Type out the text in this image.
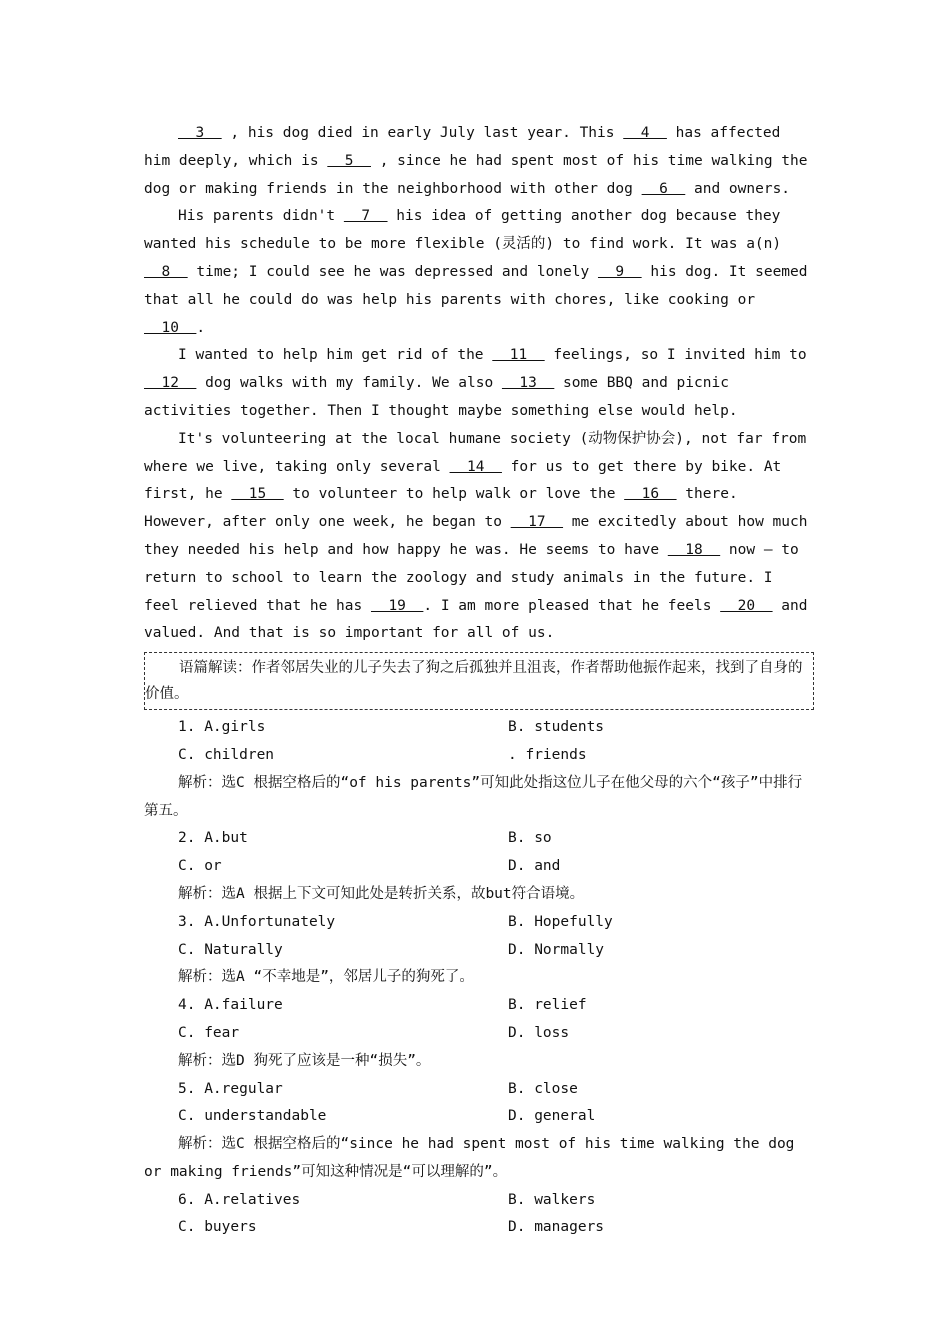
3   , his dog died in early July last year. This   4   has affected him deeply, which is   5   , since he had spent most of his time walking the dog or making friends in the neighborhood with other dog   6   and owners.

His parents didn't   7   his idea of getting another dog because they wanted his schedule to be more flexible (灵活的) to find work. It was a(n)   8   time; I could see he was depressed and lonely   9   his dog. It seemed that all he could do was help his parents with chores, like cooking or   10  .

I wanted to help him get rid of the   11   feelings, so I invited him to   12   dog walks with my family. We also   13   some BBQ and picnic activities together. Then I thought maybe something else would help.

It's volunteering at the local humane society (动物保护协会), not far from where we live, taking only several   14   for us to get there by bike. At first, he   15   to volunteer to help walk or love the   16   there. However, after only one week, he began to   17   me excitedly about how much they needed his help and how happy he was. He seems to have   18   now — to return to school to learn the zoology and study animals in the future. I feel relieved that he has   19  . I am more pleased that he feels   20   and valued. And that is so important for all of us.

语篇解读：作者邻居失业的儿子失去了狗之后孤独并且沮丧，作者帮助他振作起来，找到了自身的价值。

1. A.girls	B. students
C. children	. friends

解析：选C 根据空格后的“of his parents”可知此处指这位儿子在他父母的六个“孩子”中排行第五。

2. A.but	B. so
C. or	D. and

解析：选A 根据上下文可知此处是转折关系，故but符合语境。

3. A.Unfortunately	B. Hopefully
C. Naturally	D. Normally

解析：选A “不幸地是”，邻居儿子的狗死了。

4. A.failure	B. relief
C. fear	D. loss

解析：选D 狗死了应该是一种“损失”。

5. A.regular	B. close
C. understandable	D. general

解析：选C 根据空格后的“since he had spent most of his time walking the dog or making friends”可知这种情况是“可以理解的”。

6. A.relatives	B. walkers
C. buyers	D. managers
